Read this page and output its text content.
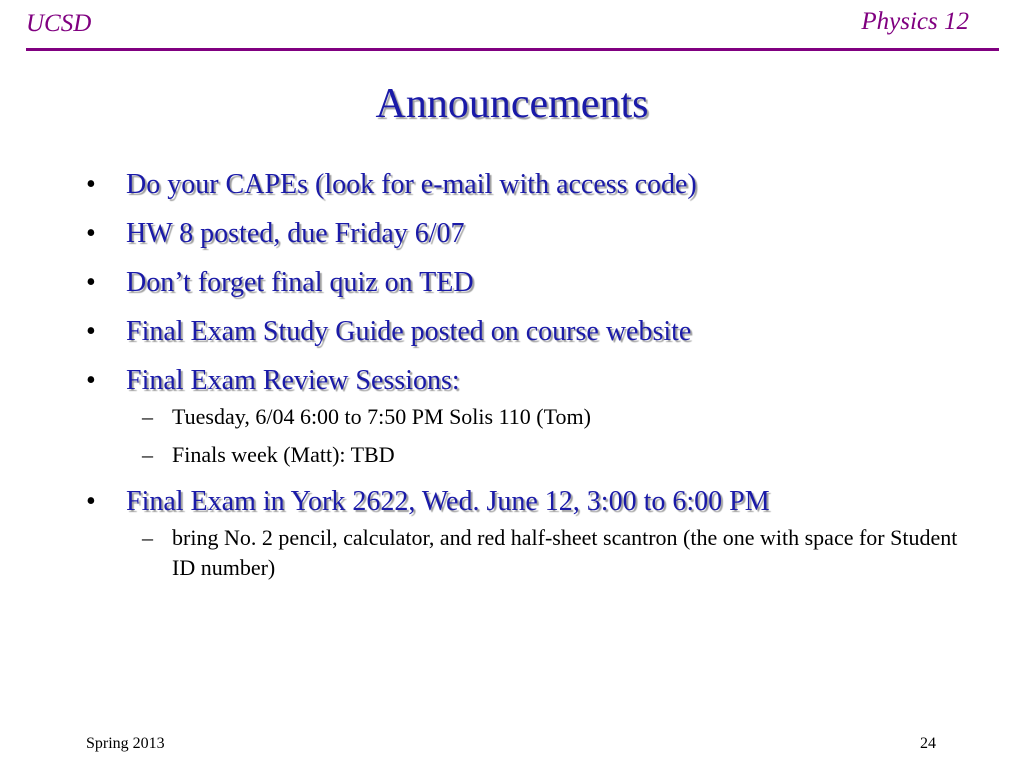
UCSD	Physics 12
Announcements
• Do your CAPEs (look for e-mail with access code)
• HW 8 posted, due Friday 6/07
• Don’t forget final quiz on TED
• Final Exam Study Guide posted on course website
• Final Exam Review Sessions:
– Tuesday, 6/04 6:00 to 7:50 PM Solis 110 (Tom)
– Finals week (Matt): TBD
• Final Exam in York 2622, Wed. June 12, 3:00 to 6:00 PM
– bring No. 2 pencil, calculator, and red half-sheet scantron (the one with space for Student ID number)
Spring 2013	24
